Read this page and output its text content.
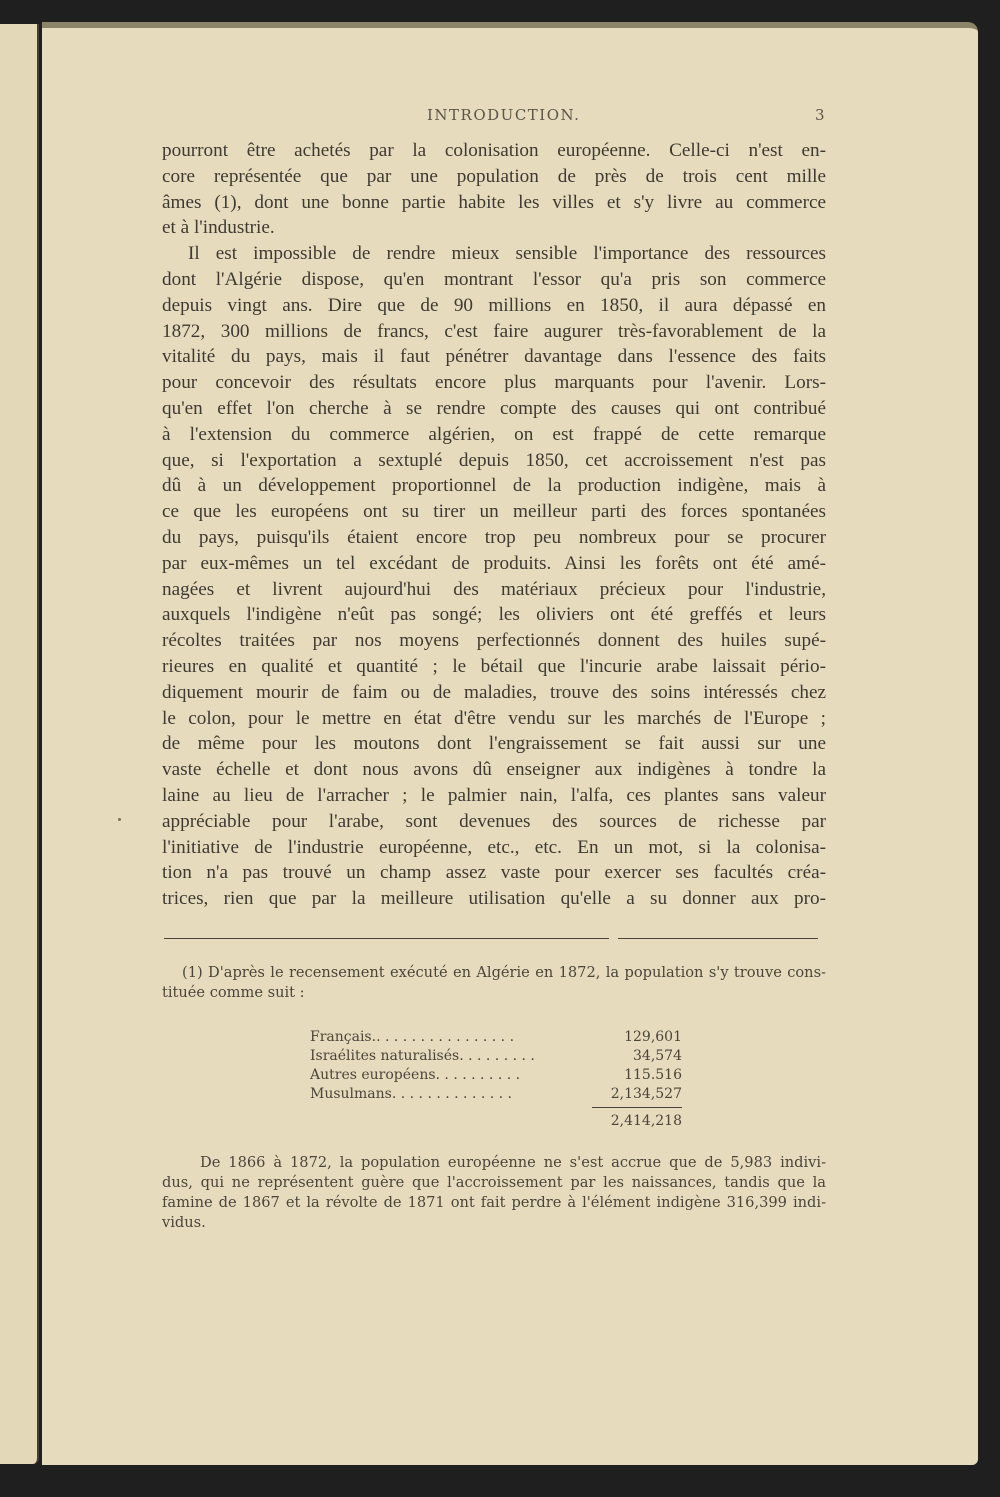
INTRODUCTION.	3

pourront être achetés par la colonisation européenne. Celle-ci n'est en-
core représentée que par une population de près de trois cent mille
âmes (1), dont une bonne partie habite les villes et s'y livre au commerce
et à l'industrie.

Il est impossible de rendre mieux sensible l'importance des ressources
dont l'Algérie dispose, qu'en montrant l'essor qu'a pris son commerce
depuis vingt ans. Dire que de 90 millions en 1850, il aura dépassé en
1872, 300 millions de francs, c'est faire augurer très-favorablement de la
vitalité du pays, mais il faut pénétrer davantage dans l'essence des faits
pour concevoir des résultats encore plus marquants pour l'avenir. Lors-
qu'en effet l'on cherche à se rendre compte des causes qui ont contribué
à l'extension du commerce algérien, on est frappé de cette remarque
que, si l'exportation a sextuplé depuis 1850, cet accroissement n'est pas
dû à un développement proportionnel de la production indigène, mais à
ce que les européens ont su tirer un meilleur parti des forces spontanées
du pays, puisqu'ils étaient encore trop peu nombreux pour se procurer
par eux-mêmes un tel excédant de produits. Ainsi les forêts ont été amé-
nagées et livrent aujourd'hui des matériaux précieux pour l'industrie,
auxquels l'indigène n'eût pas songé; les oliviers ont été greffés et leurs
récoltes traitées par nos moyens perfectionnés donnent des huiles supé-
rieures en qualité et quantité ; le bétail que l'incurie arabe laissait pério-
diquement mourir de faim ou de maladies, trouve des soins intéressés chez
le colon, pour le mettre en état d'être vendu sur les marchés de l'Europe ;
de même pour les moutons dont l'engraissement se fait aussi sur une
vaste échelle et dont nous avons dû enseigner aux indigènes à tondre la
laine au lieu de l'arracher ; le palmier nain, l'alfa, ces plantes sans valeur
appréciable pour l'arabe, sont devenues des sources de richesse par
l'initiative de l'industrie européenne, etc., etc. En un mot, si la colonisa-
tion n'a pas trouvé un champ assez vaste pour exercer ses facultés créa-
trices, rien que par la meilleure utilisation qu'elle a su donner aux pro-

(1) D'après le recensement exécuté en Algérie en 1872, la population s'y trouve cons-
tituée comme suit :
Français.. . . . . . . . . . . . . . . .	129,601
Israélites naturalisés. . . . . . . . .	34,574
Autres européens. . . . . . . . . .	115.516
Musulmans. . . . . . . . . . . . . .	2,134,527
2,414,218
De 1866 à 1872, la population européenne ne s'est accrue que de 5,983 indivi-
dus, qui ne représentent guère que l'accroissement par les naissances, tandis que la
famine de 1867 et la révolte de 1871 ont fait perdre à l'élément indigène 316,399 indi-
vidus.
